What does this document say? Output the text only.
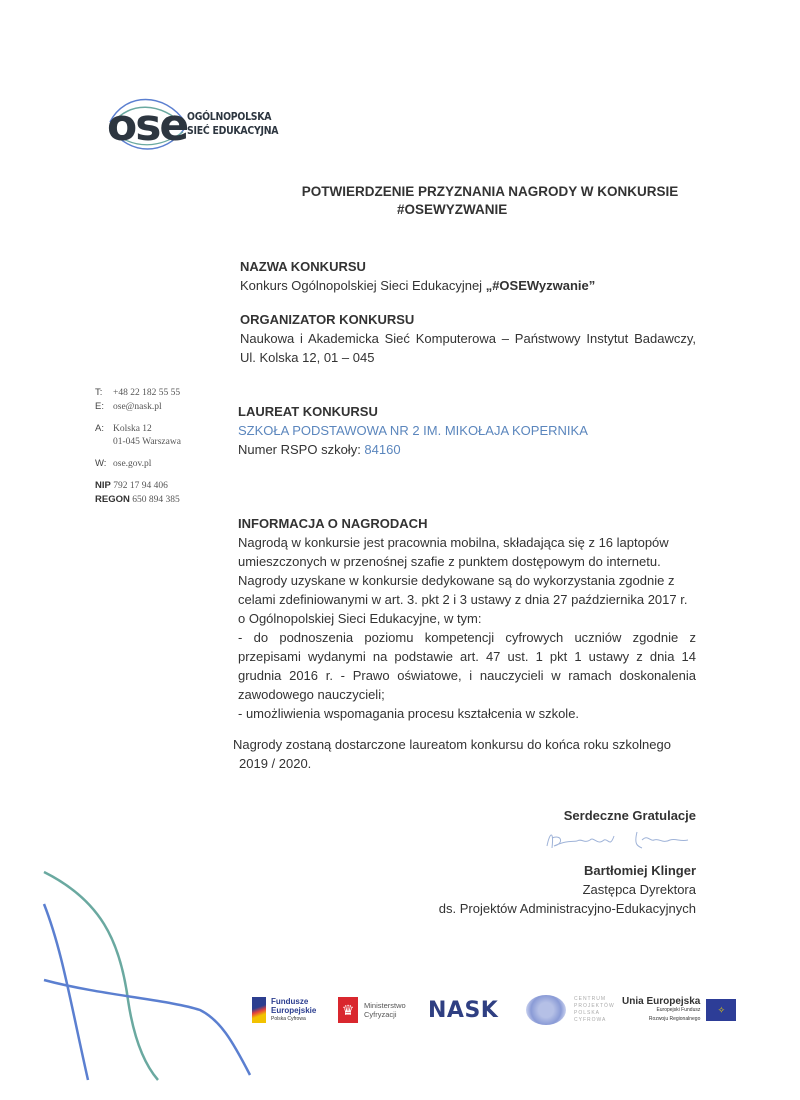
ose OGÓLNOPOLSKA
SIEĆ EDUKACYJNA
POTWIERDZENIE PRZYZNANIA NAGRODY W KONKURSIE
#OSEWYZWANIE
NAZWA KONKURSU
Konkurs Ogólnopolskiej Sieci Edukacyjnej „#OSEWyzwanie”
ORGANIZATOR KONKURSU
Naukowa i Akademicka Sieć Komputerowa – Państwowy Instytut Badawczy, Ul. Kolska 12, 01 – 045
T: +48 22 182 55 55
E: ose@nask.pl
A: Kolska 12
01-045 Warszawa
W: ose.gov.pl
NIP 792 17 94 406
REGON 650 894 385
LAUREAT KONKURSU
SZKOŁA PODSTAWOWA NR 2 IM. MIKOŁAJA KOPERNIKA
Numer RSPO szkoły: 84160
INFORMACJA O NAGRODACH
Nagrodą w konkursie jest pracownia mobilna, składająca się z 16 laptopów umieszczonych w przenośnej szafie z punktem dostępowym do internetu.
Nagrody uzyskane w konkursie dedykowane są do wykorzystania zgodnie z celami zdefiniowanymi w art. 3. pkt 2 i 3 ustawy z dnia 27 października 2017 r. o Ogólnopolskiej Sieci Edukacyjne, w tym:
- do podnoszenia poziomu kompetencji cyfrowych uczniów zgodnie z przepisami wydanymi na podstawie art. 47 ust. 1 pkt 1 ustawy z dnia 14 grudnia 2016 r. - Prawo oświatowe, i nauczycieli w ramach doskonalenia zawodowego nauczycieli;
- umożliwienia wspomagania procesu kształcenia w szkole.
Nagrody zostaną dostarczone laureatom konkursu do końca roku szkolnego
2019 / 2020.
Serdeczne Gratulacje
Bartłomiej Klinger
Zastępca Dyrektora
ds. Projektów Administracyjno-Edukacyjnych
Fundusze
Europejskie
Polska Cyfrowa
♛	Ministerstwo
Cyfryzacji	NASK	CENTRUM
PROJEKTÓW
POLSKA
CYFROWA
Unia Europejska
Europejski Fundusz
Rozwoju Regionalnego
✧
